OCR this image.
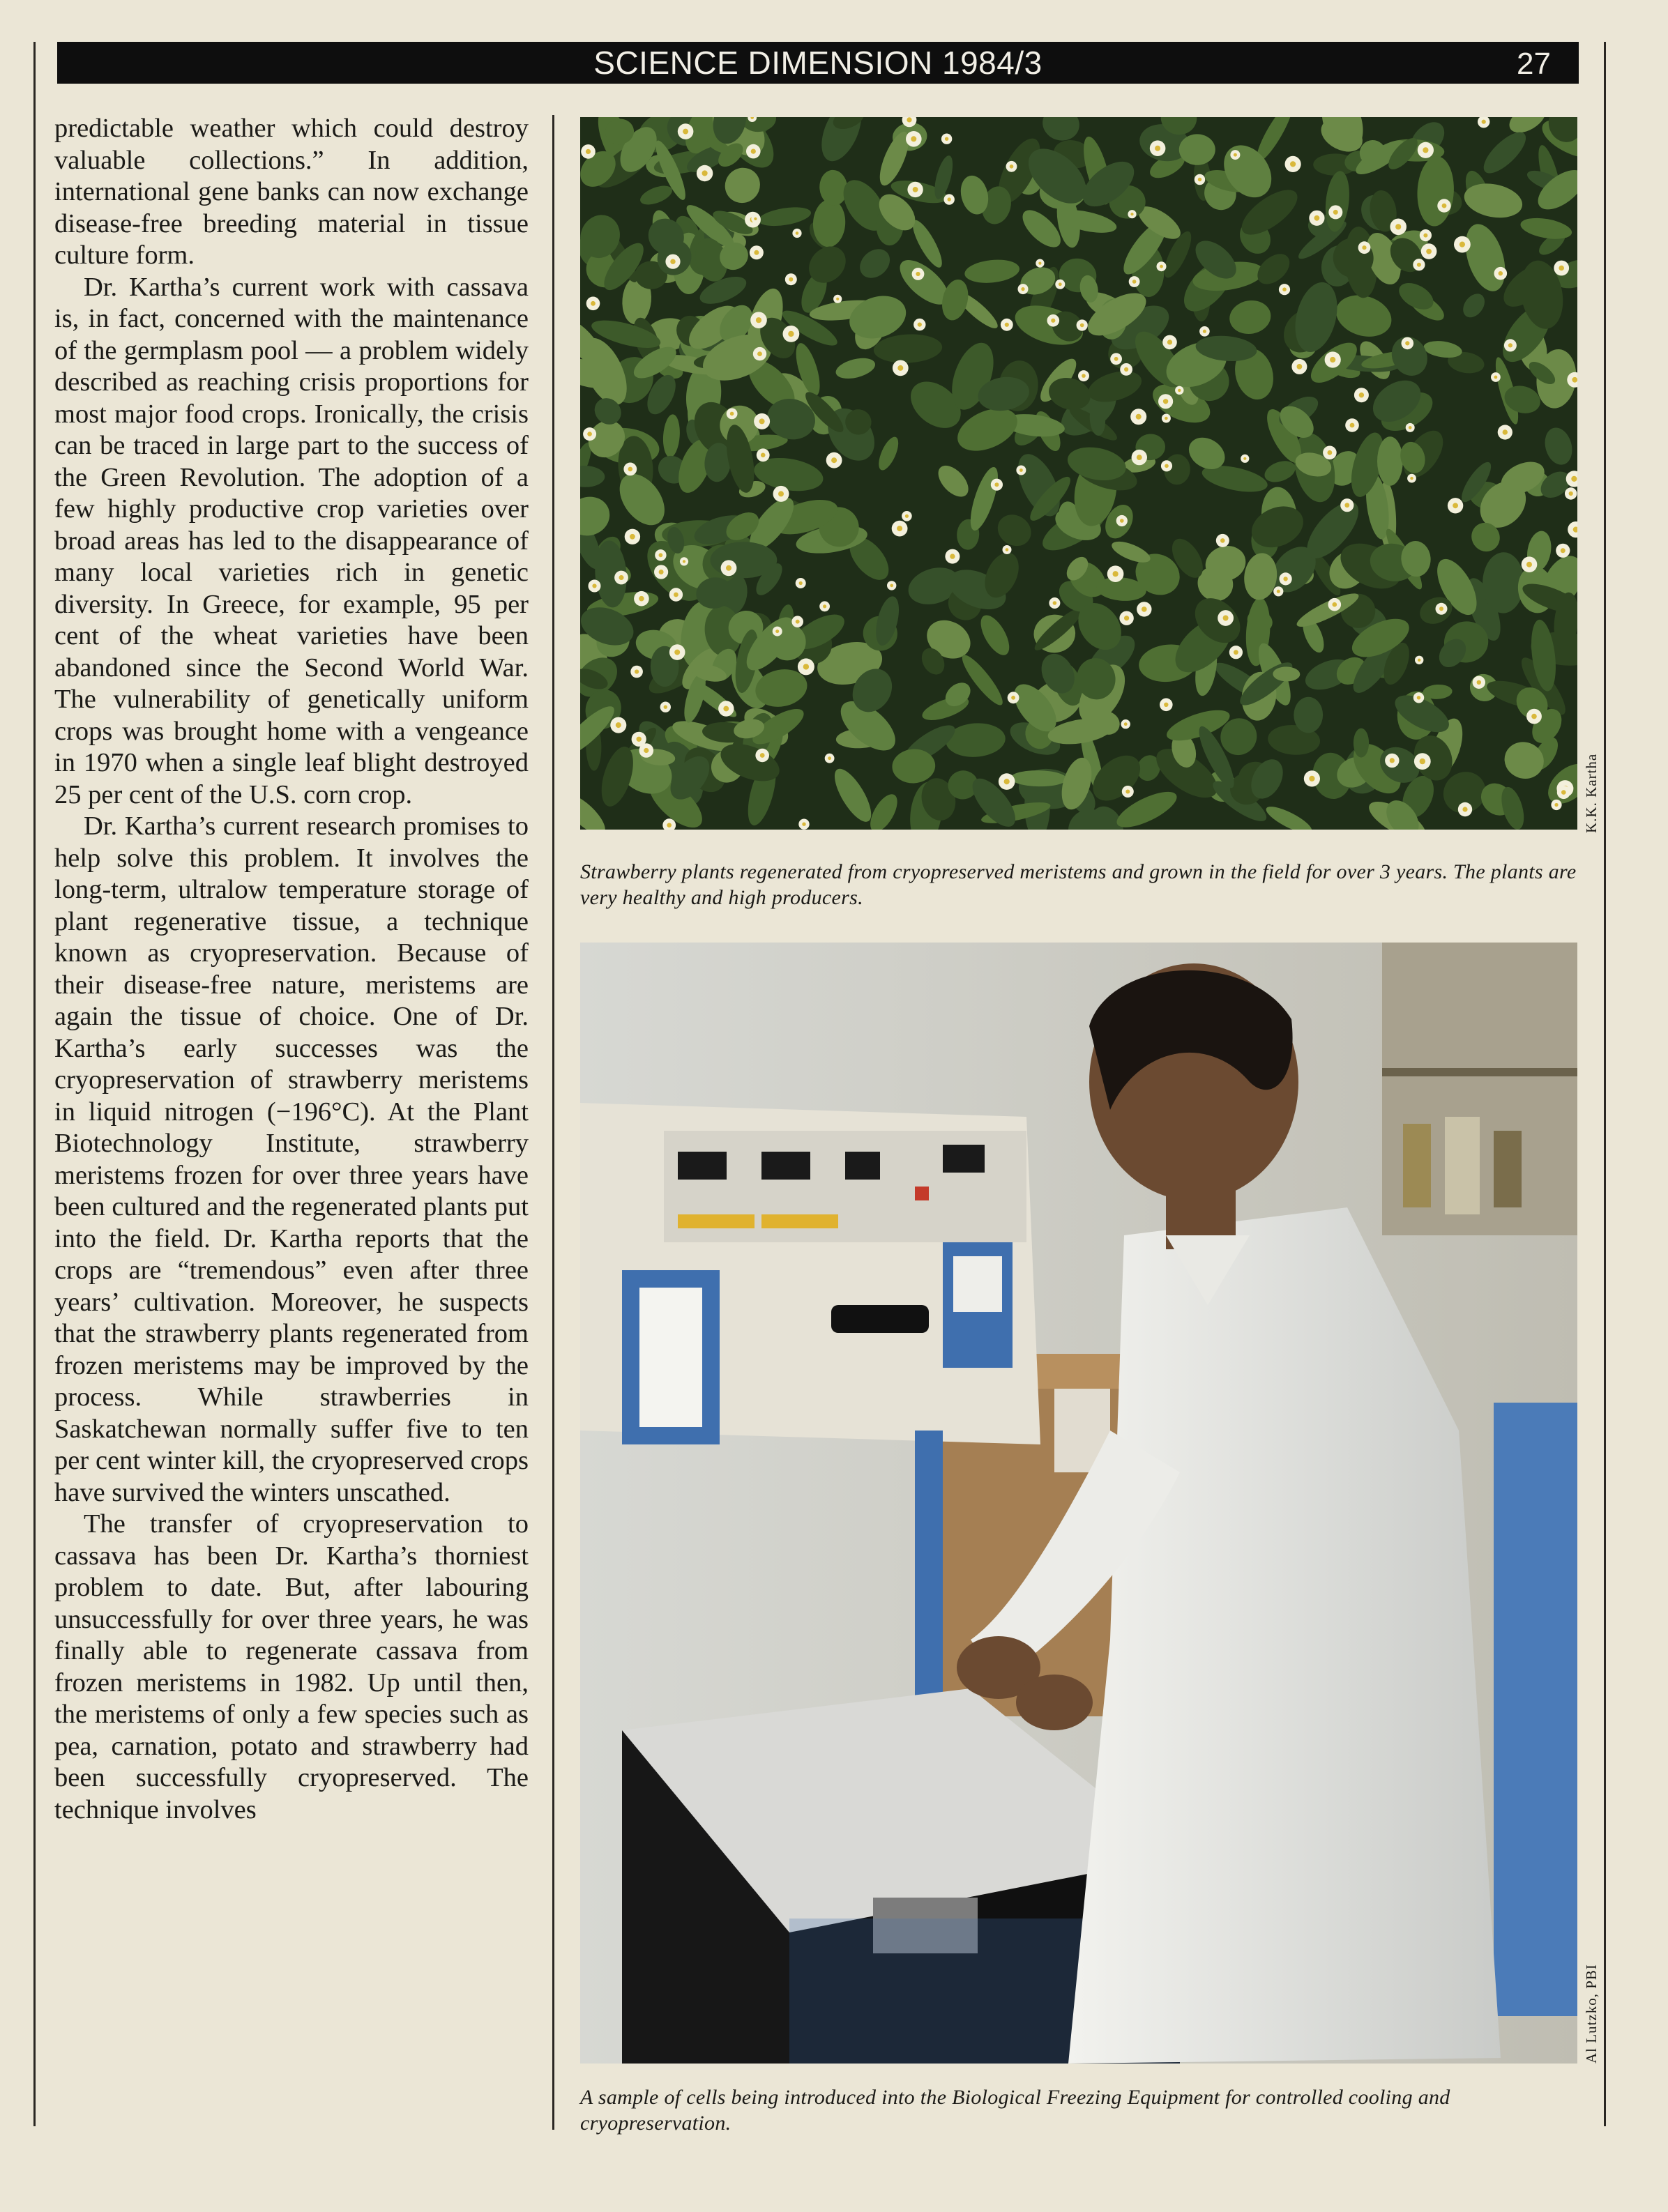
SCIENCE DIMENSION 1984/3	27

predictable weather which could destroy valuable collections.” In addition, international gene banks can now exchange disease-free breeding material in tissue culture form.

Dr. Kartha’s current work with cassava is, in fact, concerned with the maintenance of the germplasm pool — a problem widely described as reaching crisis proportions for most major food crops. Ironically, the crisis can be traced in large part to the success of the Green Revolution. The adoption of a few highly productive crop varieties over broad areas has led to the disappearance of many local varieties rich in genetic diversity. In Greece, for example, 95 per cent of the wheat varieties have been abandoned since the Second World War. The vulnerability of genetically uniform crops was brought home with a vengeance in 1970 when a single leaf blight destroyed 25 per cent of the U.S. corn crop.

Dr. Kartha’s current research promises to help solve this problem. It involves the long-term, ultralow temperature storage of plant regenerative tissue, a technique known as cryopreservation. Because of their disease-free nature, meristems are again the tissue of choice. One of Dr. Kartha’s early successes was the cryopreservation of strawberry meristems in liquid nitrogen (−196°C). At the Plant Biotechnology Institute, strawberry meristems frozen for over three years have been cultured and the regenerated plants put into the field. Dr. Kartha reports that the crops are “tremendous” even after three years’ cultivation. Moreover, he suspects that the strawberry plants regenerated from frozen meristems may be improved by the process. While strawberries in Saskatchewan normally suffer five to ten per cent winter kill, the cryopreserved crops have survived the winters unscathed.

The transfer of cryopreservation to cassava has been Dr. Kartha’s thorniest problem to date. But, after labouring unsuccessfully for over three years, he was finally able to regenerate cassava from frozen meristems in 1982. Up until then, the meristems of only a few species such as pea, carnation, potato and strawberry had been successfully cryopreserved. The technique involves

K.K. Kartha
Strawberry plants regenerated from cryopreserved meristems and grown in the field for over 3 years. The plants are very healthy and high producers.
Al Lutzko, PBI
A sample of cells being introduced into the Biological Freezing Equipment for controlled cooling and cryopreservation.
